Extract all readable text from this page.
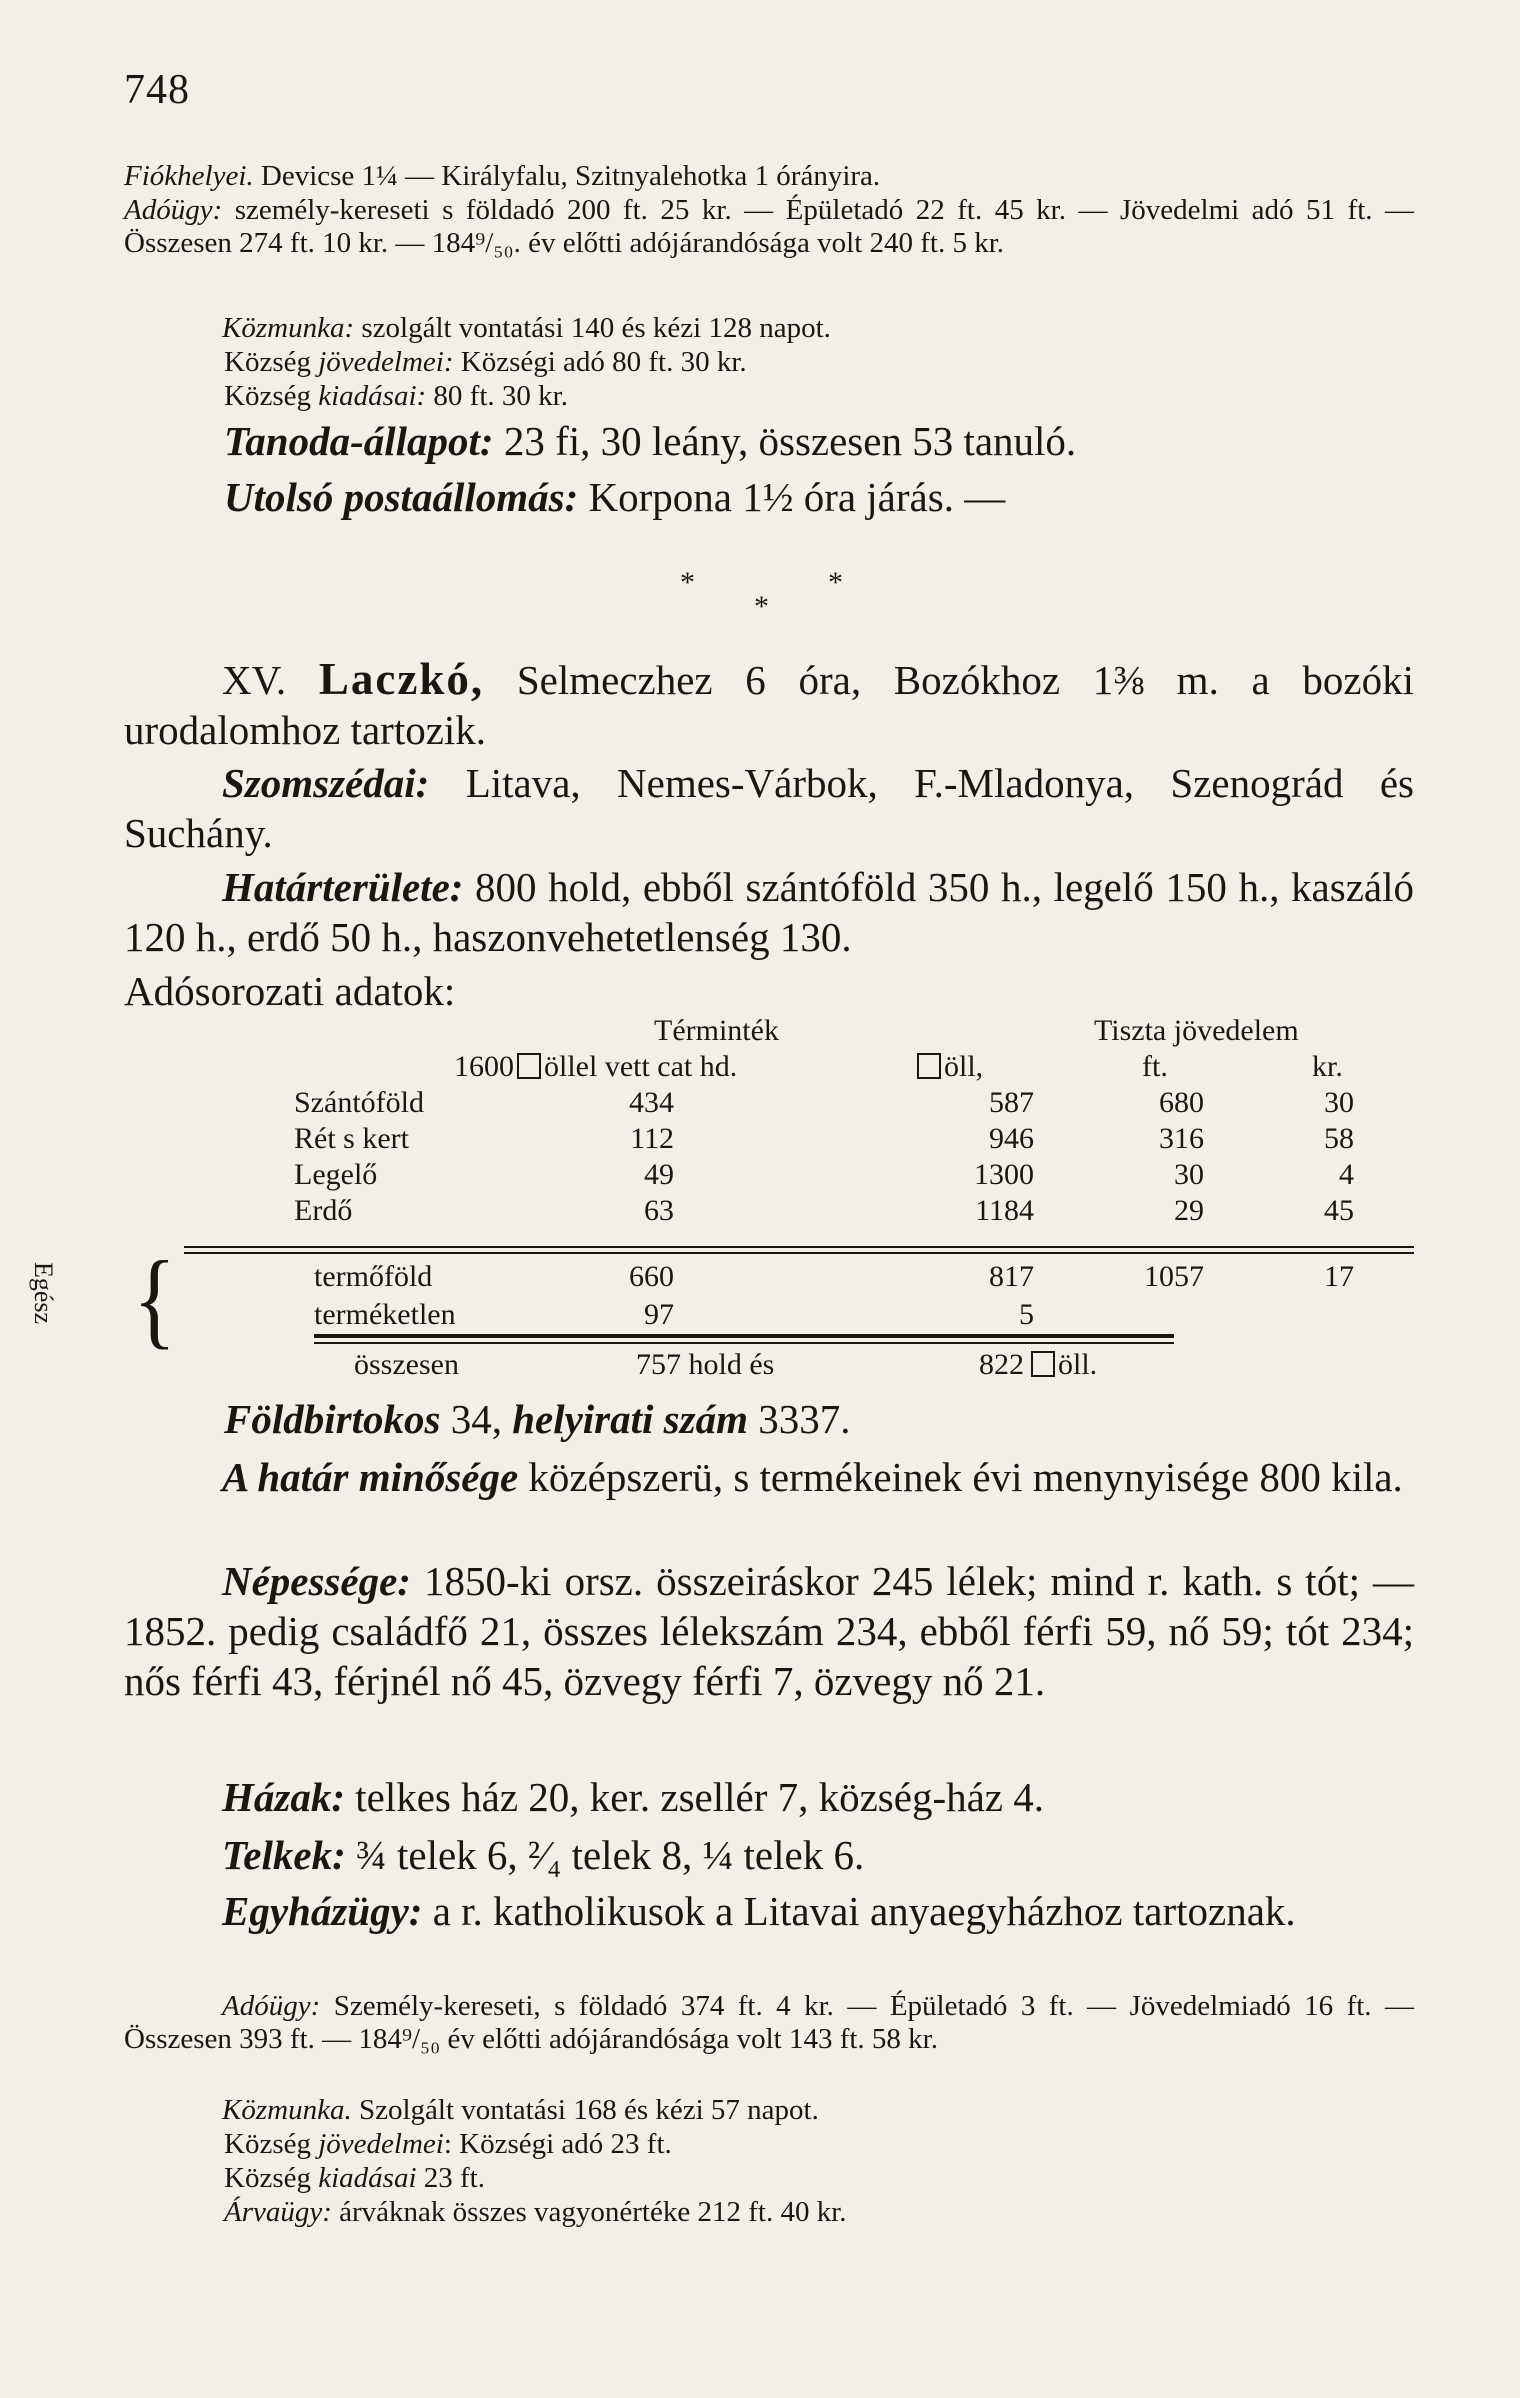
748
Fiókhelyei. Devicse 1¼ — Királyfalu, Szitnyalehotka 1 órányira.
Adóügy: személy-kereseti s földadó 200 ft. 25 kr. — Épületadó 22 ft. 45 kr. — Jövedelmi adó 51 ft. — Összesen 274 ft. 10 kr. — 184⁹/₅₀. év előtti adójárandósága volt 240 ft. 5 kr.
Közmunka: szolgált vontatási 140 és kézi 128 napot.
Község jövedelmei: Községi adó 80 ft. 30 kr.
Község kiadásai: 80 ft. 30 kr.
Tanoda-állapot: 23 fi, 30 leány, összesen 53 tanuló.
Utolsó postaállomás: Korpona 1½ óra járás. —
*	*
*
XV. Laczkó, Selmeczhez 6 óra, Bozókhoz 1⅜ m. a bozóki urodalomhoz tartozik.
Szomszédai: Litava, Nemes-Várbok, F.-Mladonya, Szenográd és Suchány.
Határterülete: 800 hold, ebből szántóföld 350 h., legelő 150 h., kaszáló 120 h., erdő 50 h., haszonvehetetlenség 130.
Adósorozati adatok:
Términték	Tiszta jövedelem
1600 öllel vett cat hd.	öll,	ft.	kr.
Szántóföld	434	587	680	30
Rét s kert	112	946	316	58
Legelő	49	1300	30	4
Erdő	63	1184	29	45
termőföld	660	817	1057	17
terméketlen	97	5
összesen	757 hold és	822	öll.
Egész {
Földbirtokos 34, helyirati szám 3337.
A határ minősége középszerü, s termékeinek évi menynyisége 800 kila.
Népessége: 1850-ki orsz. összeiráskor 245 lélek; mind r. kath. s tót; — 1852. pedig családfő 21, összes lélekszám 234, ebből férfi 59, nő 59; tót 234; nős férfi 43, férjnél nő 45, özvegy férfi 7, özvegy nő 21.
Házak: telkes ház 20, ker. zsellér 7, község-ház 4.
Telkek: ¾ telek 6, ²⁄₄ telek 8, ¼ telek 6.
Egyházügy: a r. katholikusok a Litavai anyaegyházhoz tartoznak.
Adóügy: Személy-kereseti, s földadó 374 ft. 4 kr. — Épületadó 3 ft. — Jövedelmiadó 16 ft. — Összesen 393 ft. — 184⁹/₅₀ év előtti adójárandósága volt 143 ft. 58 kr.
Közmunka. Szolgált vontatási 168 és kézi 57 napot.
Község jövedelmei: Községi adó 23 ft.
Község kiadásai 23 ft.
Árvaügy: árváknak összes vagyonértéke 212 ft. 40 kr.
